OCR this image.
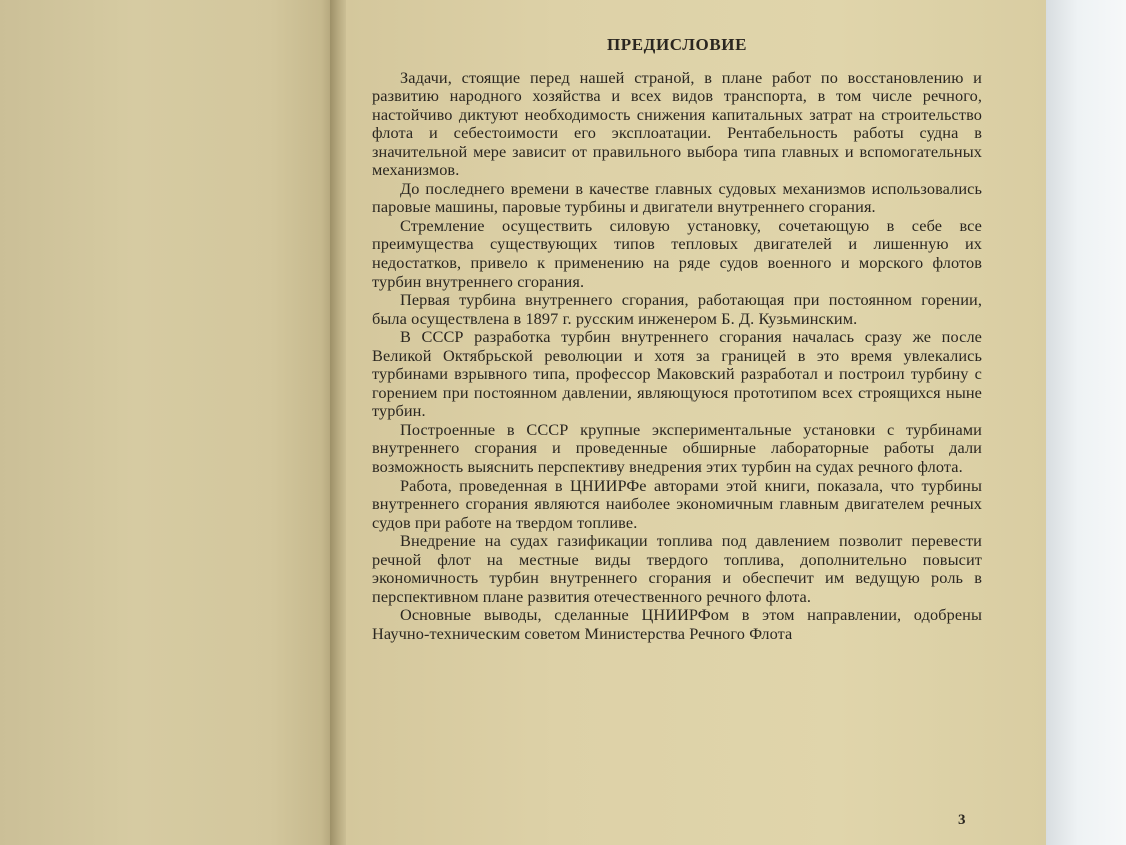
ПРЕДИСЛОВИЕ

Задачи, стоящие перед нашей страной, в плане работ по восстановлению и развитию народного хозяйства и всех видов транспорта, в том числе речного, настойчиво диктуют необходимость снижения капитальных затрат на строительство флота и себестоимости его эксплоатации. Рентабельность работы судна в значительной мере зависит от правильного выбора типа главных и вспомогательных механизмов.

До последнего времени в качестве главных судовых механизмов использовались паровые машины, паровые турбины и двигатели внутреннего сгорания.

Стремление осуществить силовую установку, сочетающую в себе все преимущества существующих типов тепловых двигателей и лишенную их недостатков, привело к применению на ряде судов военного и морского флотов турбин внутреннего сгорания.

Первая турбина внутреннего сгорания, работающая при постоянном горении, была осуществлена в 1897 г. русским инженером Б. Д. Кузьминским.

В СССР разработка турбин внутреннего сгорания началась сразу же после Великой Октябрьской революции и хотя за границей в это время увлекались турбинами взрывного типа, профессор Маковский разработал и построил турбину с горением при постоянном давлении, являющуюся прототипом всех строящихся ныне турбин.

Построенные в СССР крупные экспериментальные установки с турбинами внутреннего сгорания и проведенные обширные лабораторные работы дали возможность выяснить перспективу внедрения этих турбин на судах речного флота.

Работа, проведенная в ЦНИИРФе авторами этой книги, показала, что турбины внутреннего сгорания являются наиболее экономичным главным двигателем речных судов при работе на твердом топливе.

Внедрение на судах газификации топлива под давлением позволит перевести речной флот на местные виды твердого топлива, дополнительно повысит экономичность турбин внутреннего сгорания и обеспечит им ведущую роль в перспективном плане развития отечественного речного флота.

Основные выводы, сделанные ЦНИИРФом в этом направлении, одобрены Научно-техническим советом Министерства Речного Флота

3
